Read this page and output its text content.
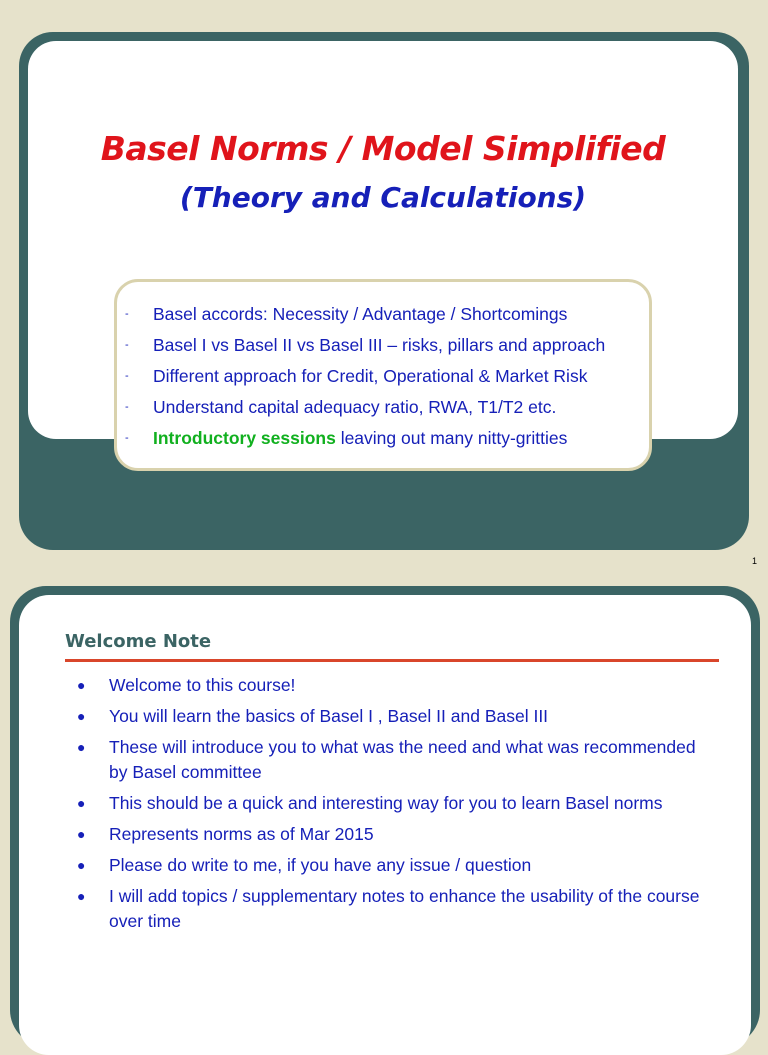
Basel Norms / Model Simplified
(Theory and Calculations)
- Basel accords: Necessity / Advantage / Shortcomings
- Basel I vs Basel II vs Basel III – risks, pillars and approach
- Different approach for Credit, Operational & Market Risk
- Understand capital adequacy ratio, RWA, T1/T2 etc.
- Introductory sessions leaving out many nitty-gritties
1
Welcome Note
● Welcome to this course!
● You will learn the basics of Basel I , Basel II and Basel III
● These will introduce you to what was the need and what was recommended by Basel committee
● This should be a quick and interesting way for you to learn Basel norms
● Represents norms as of Mar 2015
● Please do write to me, if you have any issue / question
● I will add topics / supplementary notes to enhance the usability of the course over time
